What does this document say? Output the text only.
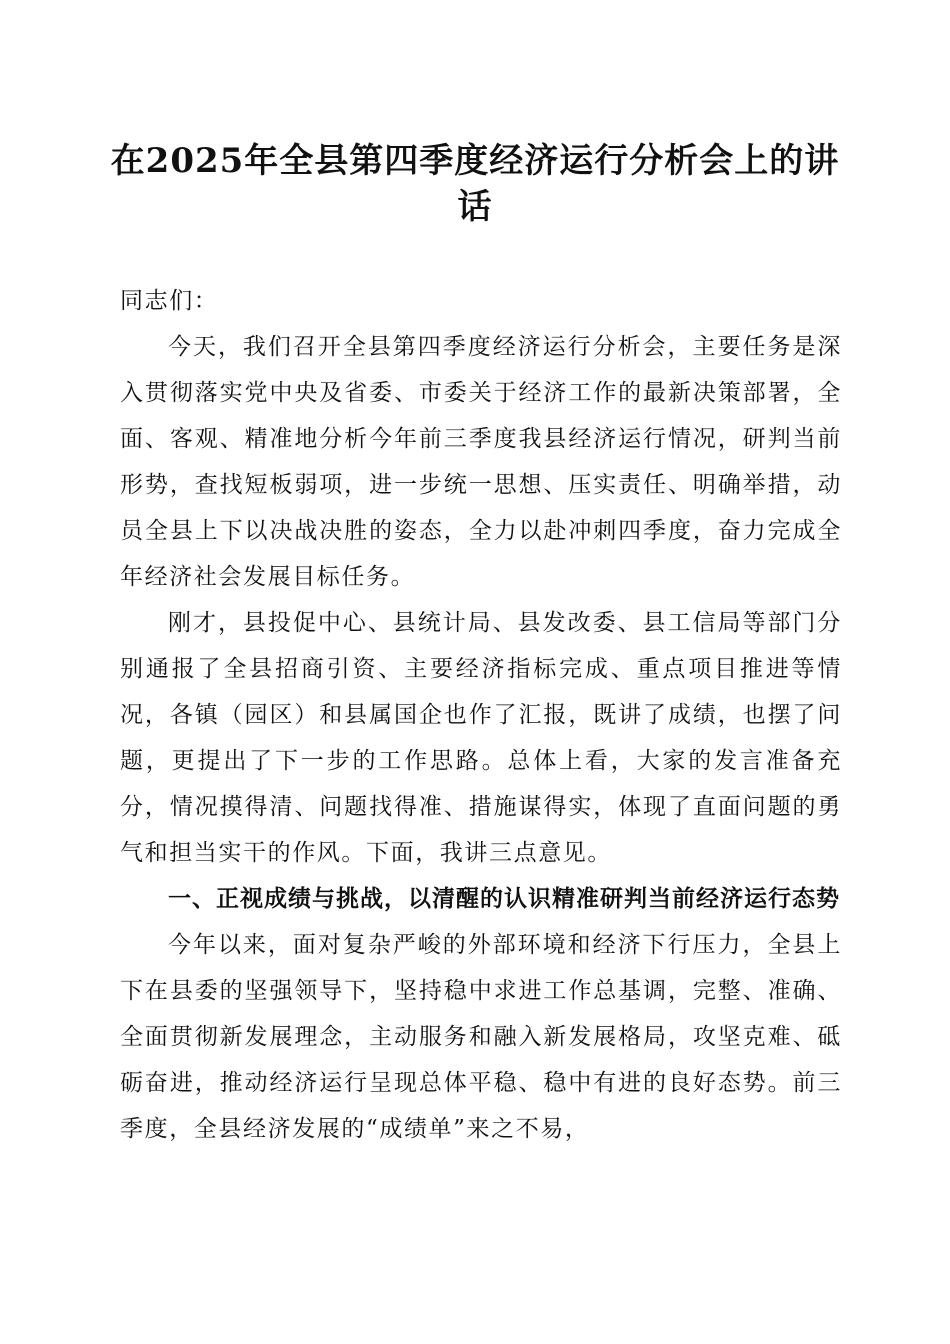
在2025年全县第四季度经济运行分析会上的讲话

同志们：

今天，我们召开全县第四季度经济运行分析会，主要任务是深入贯彻落实党中央及省委、市委关于经济工作的最新决策部署，全面、客观、精准地分析今年前三季度我县经济运行情况，研判当前形势，查找短板弱项，进一步统一思想、压实责任、明确举措，动员全县上下以决战决胜的姿态，全力以赴冲刺四季度，奋力完成全年经济社会发展目标任务。

刚才，县投促中心、县统计局、县发改委、县工信局等部门分别通报了全县招商引资、主要经济指标完成、重点项目推进等情况，各镇（园区）和县属国企也作了汇报，既讲了成绩，也摆了问题，更提出了下一步的工作思路。总体上看，大家的发言准备充分，情况摸得清、问题找得准、措施谋得实，体现了直面问题的勇气和担当实干的作风。下面，我讲三点意见。

一、正视成绩与挑战，以清醒的认识精准研判当前经济运行态势

今年以来，面对复杂严峻的外部环境和经济下行压力，全县上下在县委的坚强领导下，坚持稳中求进工作总基调，完整、准确、全面贯彻新发展理念，主动服务和融入新发展格局，攻坚克难、砥砺奋进，推动经济运行呈现总体平稳、稳中有进的良好态势。前三季度，全县经济发展的“成绩单”来之不易，
